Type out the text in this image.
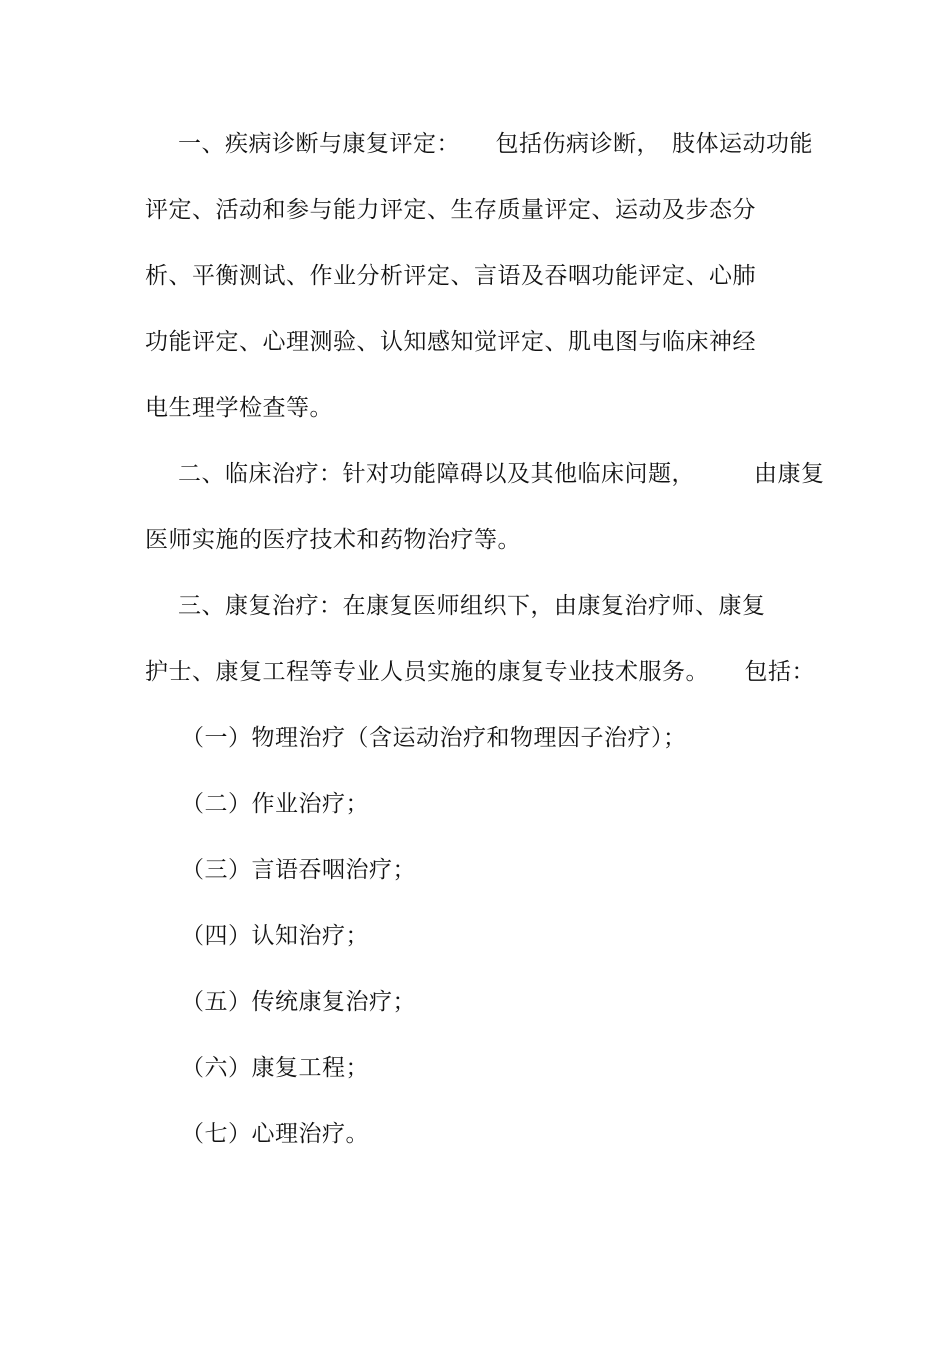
一、疾病诊断与康复评定：　　包括伤病诊断，　肢体运动功能
评定、活动和参与能力评定、生存质量评定、运动及步态分
析、平衡测试、作业分析评定、言语及吞咽功能评定、心肺
功能评定、心理测验、认知感知觉评定、肌电图与临床神经
电生理学检查等。
二、临床治疗：针对功能障碍以及其他临床问题，　　　由康复
医师实施的医疗技术和药物治疗等。
三、康复治疗：在康复医师组织下，由康复治疗师、康复
护士、康复工程等专业人员实施的康复专业技术服务。　　包括：
（一）物理治疗（含运动治疗和物理因子治疗）；
（二）作业治疗；
（三）言语吞咽治疗；
（四）认知治疗；
（五）传统康复治疗；
（六）康复工程；
（七）心理治疗。
